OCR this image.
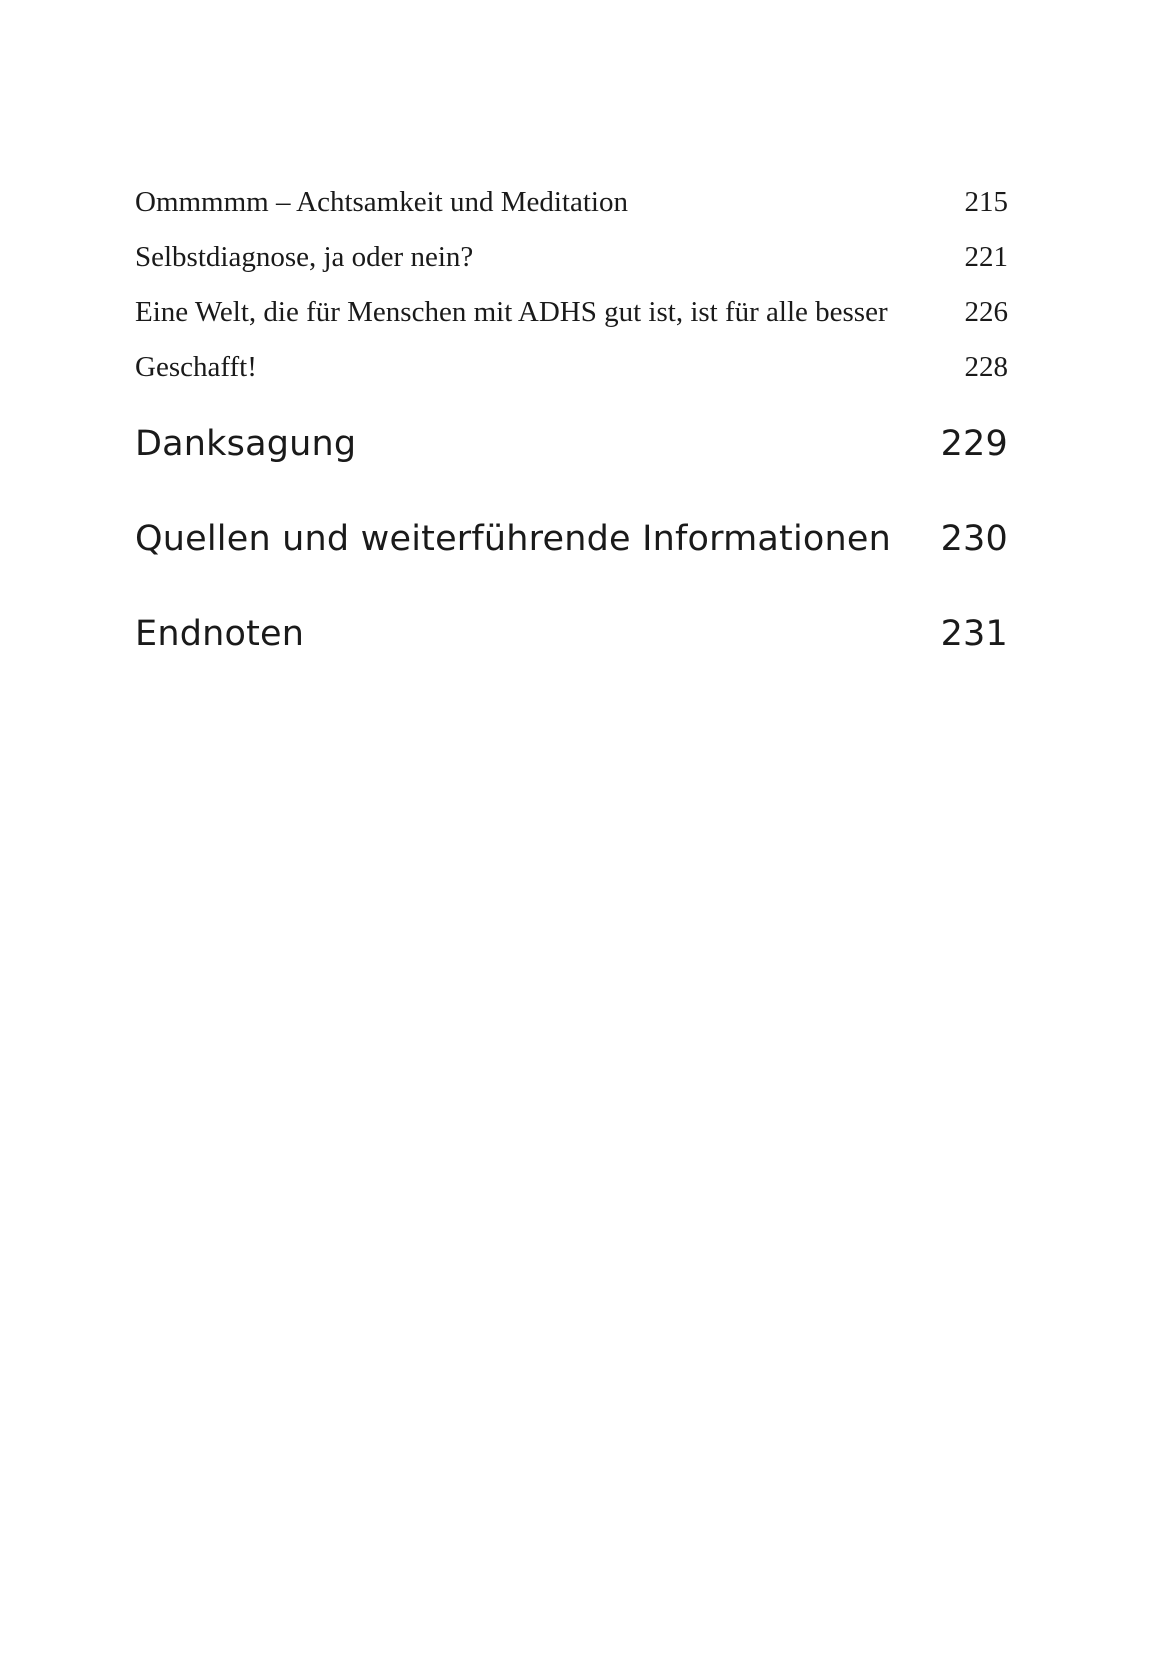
Ommmmm – Achtsamkeit und Meditation	215
Selbstdiagnose, ja oder nein?	221
Eine Welt, die für Menschen mit ADHS gut ist, ist für alle besser	226
Geschafft!	228
Danksagung	229
Quellen und weiterführende Informationen	230
Endnoten	231
